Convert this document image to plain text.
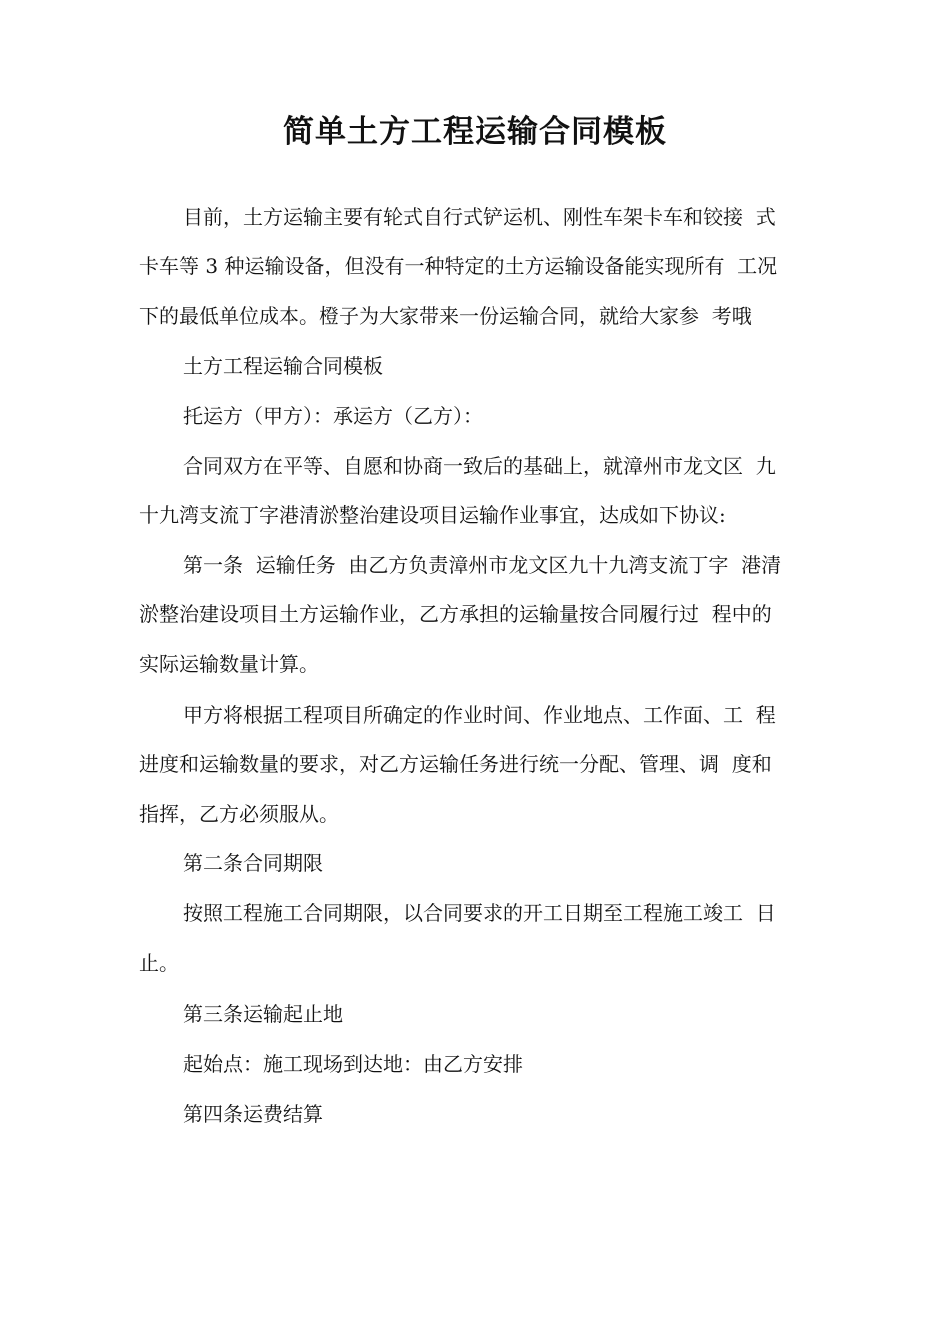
简单土方工程运输合同模板

目前，土方运输主要有轮式自行式铲运机、刚性车架卡车和铰接  式

卡车等 3 种运输设备，但没有一种特定的土方运输设备能实现所有  工况

下的最低单位成本。橙子为大家带来一份运输合同，就给大家参  考哦

土方工程运输合同模板

托运方（甲方）：承运方（乙方）：

合同双方在平等、自愿和协商一致后的基础上，就漳州市龙文区  九

十九湾支流丁字港清淤整治建设项目运输作业事宜，达成如下协议:

第一条  运输任务  由乙方负责漳州市龙文区九十九湾支流丁字  港清

淤整治建设项目土方运输作业，乙方承担的运输量按合同履行过  程中的

实际运输数量计算。

甲方将根据工程项目所确定的作业时间、作业地点、工作面、工  程

进度和运输数量的要求，对乙方运输任务进行统一分配、管理、调  度和

指挥，乙方必须服从。

第二条合同期限

按照工程施工合同期限，以合同要求的开工日期至工程施工竣工  日

止。

第三条运输起止地

起始点：施工现场到达地：由乙方安排

第四条运费结算
